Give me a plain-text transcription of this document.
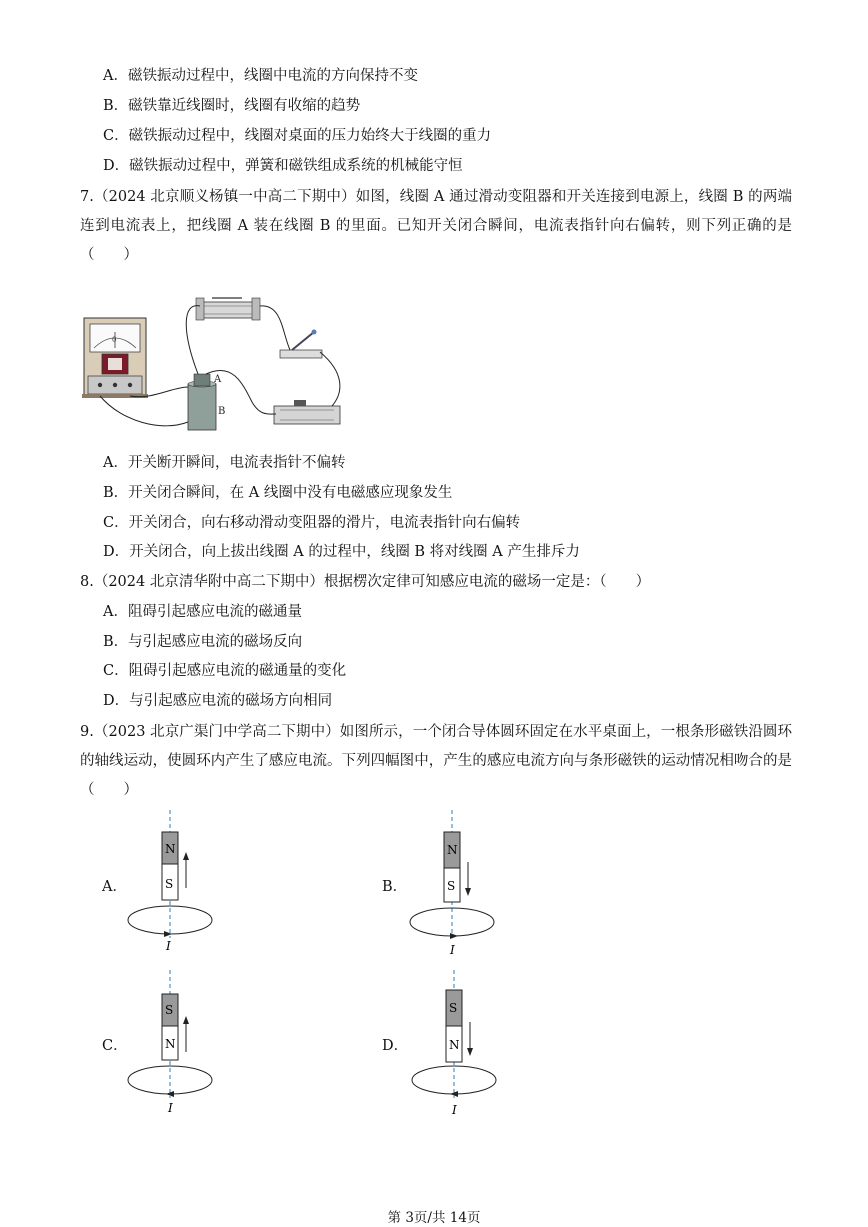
A．磁铁振动过程中，线圈中电流的方向保持不变
B．磁铁靠近线圈时，线圈有收缩的趋势
C．磁铁振动过程中，线圈对桌面的压力始终大于线圈的重力
D．磁铁振动过程中，弹簧和磁铁组成系统的机械能守恒
7.（2024 北京顺义杨镇一中高二下期中）如图，线圈 A 通过滑动变阻器和开关连接到电源上，线圈 B 的两端连到电流表上，把线圈 A 装在线圈 B 的里面。已知开关闭合瞬间，电流表指针向右偏转，则下列正确的是（　　）
0
A
B
A．开关断开瞬间，电流表指针不偏转
B．开关闭合瞬间，在 A 线圈中没有电磁感应现象发生
C．开关闭合，向右移动滑动变阻器的滑片，电流表指针向右偏转
D．开关闭合，向上拔出线圈 A 的过程中，线圈 B 将对线圈 A 产生排斥力
8.（2024 北京清华附中高二下期中）根据楞次定律可知感应电流的磁场一定是：（　　）
A．阻碍引起感应电流的磁通量
B．与引起感应电流的磁场反向
C．阻碍引起感应电流的磁通量的变化
D．与引起感应电流的磁场方向相同
9.（2023 北京广渠门中学高二下期中）如图所示，一个闭合导体圆环固定在水平桌面上，一根条形磁铁沿圆环的轴线运动，使圆环内产生了感应电流。下列四幅图中，产生的感应电流方向与条形磁铁的运动情况相吻合的是（　　）
A．
N
S
I
B．
N
S
I
C．
S
N
I
D．
S
N
I
第 3页/共 14页
